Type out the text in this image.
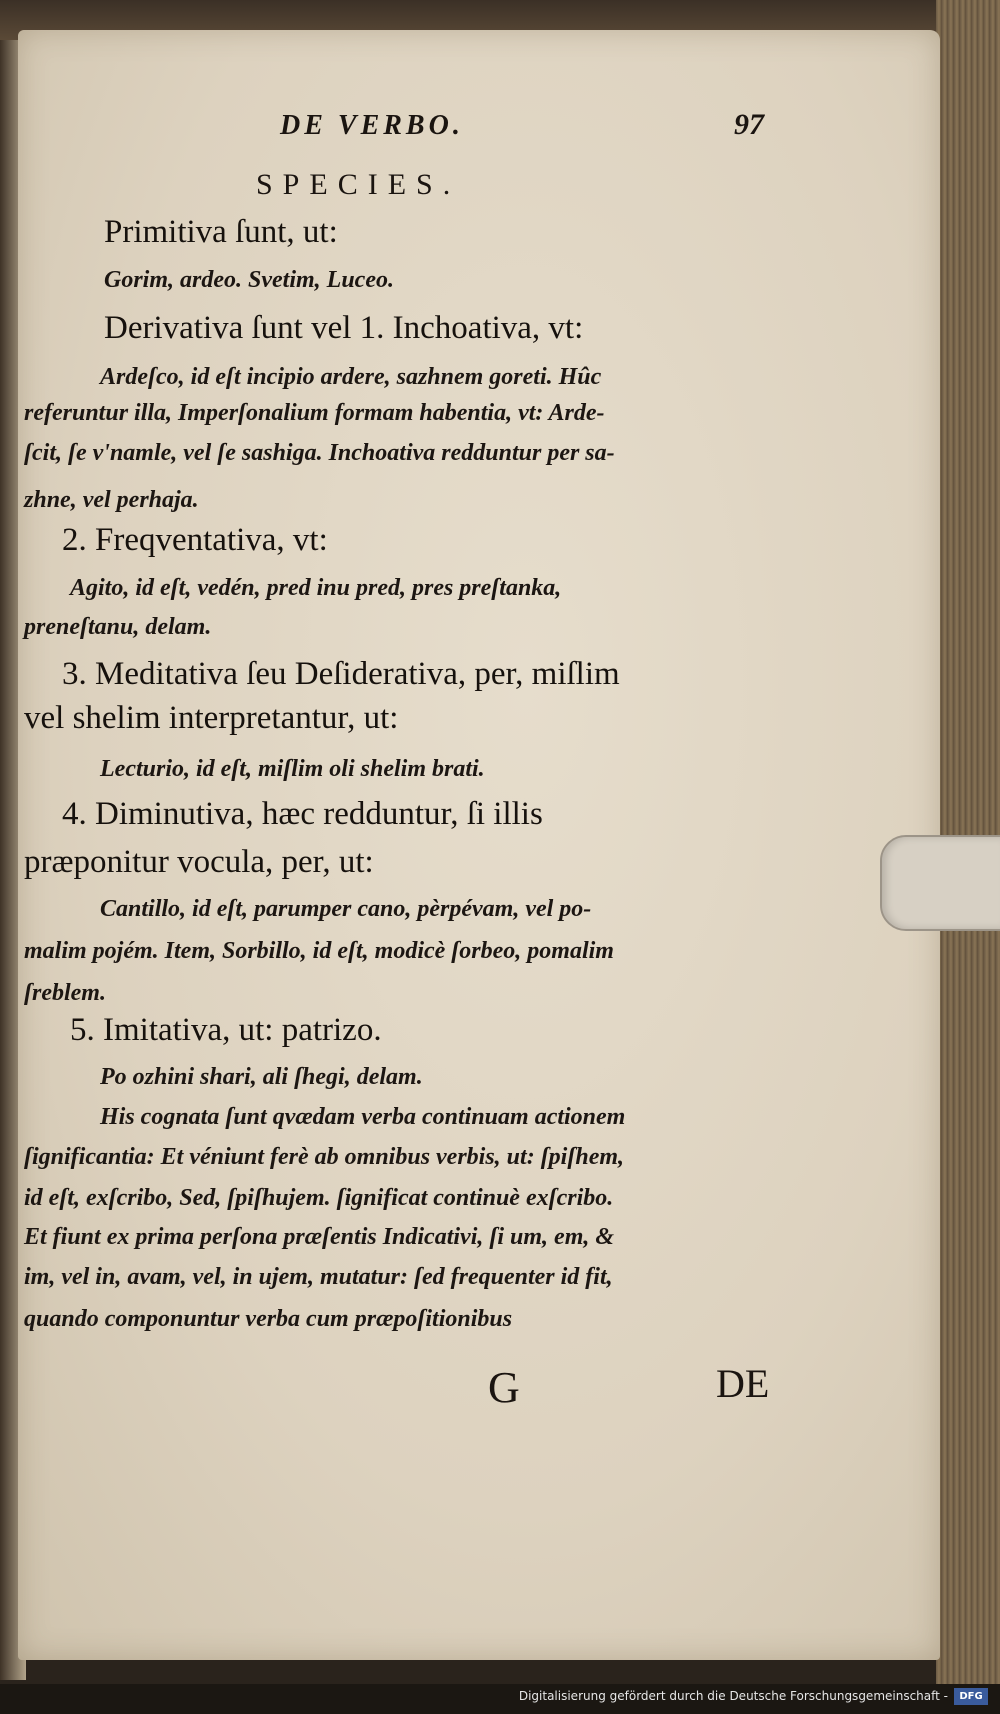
DE VERBO.	97
SPECIES.
Primitiva ſunt, ut:
Gorim, ardeo. Svetim, Luceo.
Derivativa ſunt vel 1. Inchoativa, vt:
Ardeſco, id eſt incipio ardere, sazhnem goreti. Hûc
referuntur illa, Imperſonalium formam habentia, vt: Arde-
ſcit, ſe v'namle, vel ſe sashiga. Inchoativa redduntur per sa-
zhne, vel perhaja.
2. Freqventativa, vt:
Agito, id eſt, vedén, pred inu pred, pres preſtanka,
preneſtanu, delam.
3. Meditativa ſeu Deſiderativa, per, miſlim
vel shelim interpretantur, ut:
Lecturio, id eſt, miſlim oli shelim brati.
4. Diminutiva, hæc redduntur, ſi illis
præponitur vocula, per, ut:
Cantillo, id eſt, parumper cano, pèrpévam, vel po-
malim pojém. Item, Sorbillo, id eſt, modicè ſorbeo, pomalim
ſreblem.
5. Imitativa, ut: patrizo.
Po ozhini shari, ali ſhegi, delam.
His cognata ſunt qvædam verba continuam actionem
ſignificantia: Et véniunt ferè ab omnibus verbis, ut: ſpiſhem,
id eſt, exſcribo, Sed, ſpiſhujem. ſignificat continuè exſcribo.
Et fiunt ex prima perſona præſentis Indicativi, ſi um, em, &
im, vel in, avam, vel, in ujem, mutatur: ſed frequenter id fit,
quando componuntur verba cum præpoſitionibus
G	DE
Digitalisierung gefördert durch die Deutsche Forschungsgemeinschaft -	DFG
